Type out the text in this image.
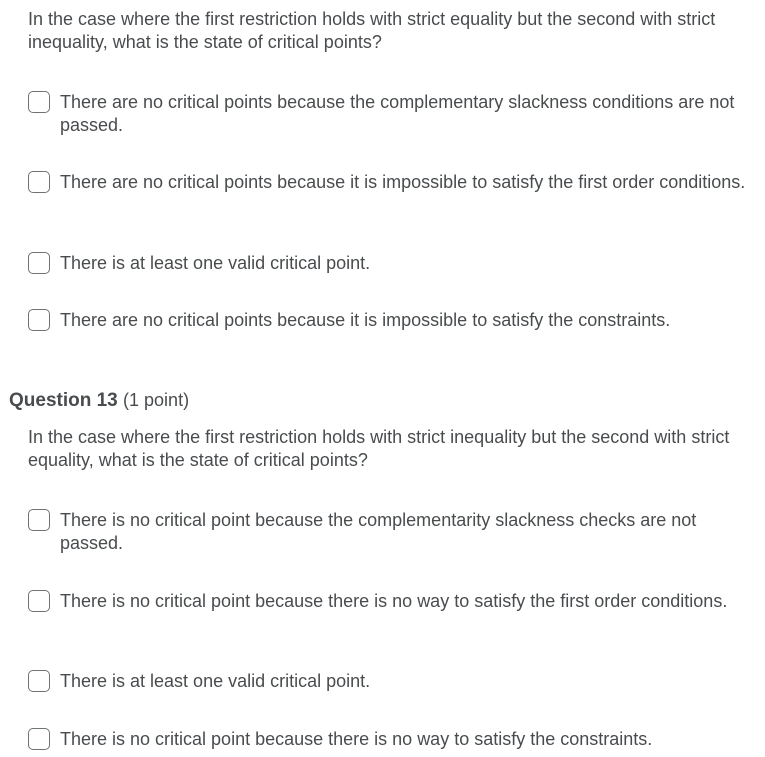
In the case where the first restriction holds with strict equality but the second with strict inequality, what is the state of critical points?
There are no critical points because the complementary slackness conditions are not passed.
There are no critical points because it is impossible to satisfy the first order conditions.
There is at least one valid critical point.
There are no critical points because it is impossible to satisfy the constraints.
Question 13 (1 point)
In the case where the first restriction holds with strict inequality but the second with strict equality, what is the state of critical points?
There is no critical point because the complementarity slackness checks are not passed.
There is no critical point because there is no way to satisfy the first order conditions.
There is at least one valid critical point.
There is no critical point because there is no way to satisfy the constraints.
